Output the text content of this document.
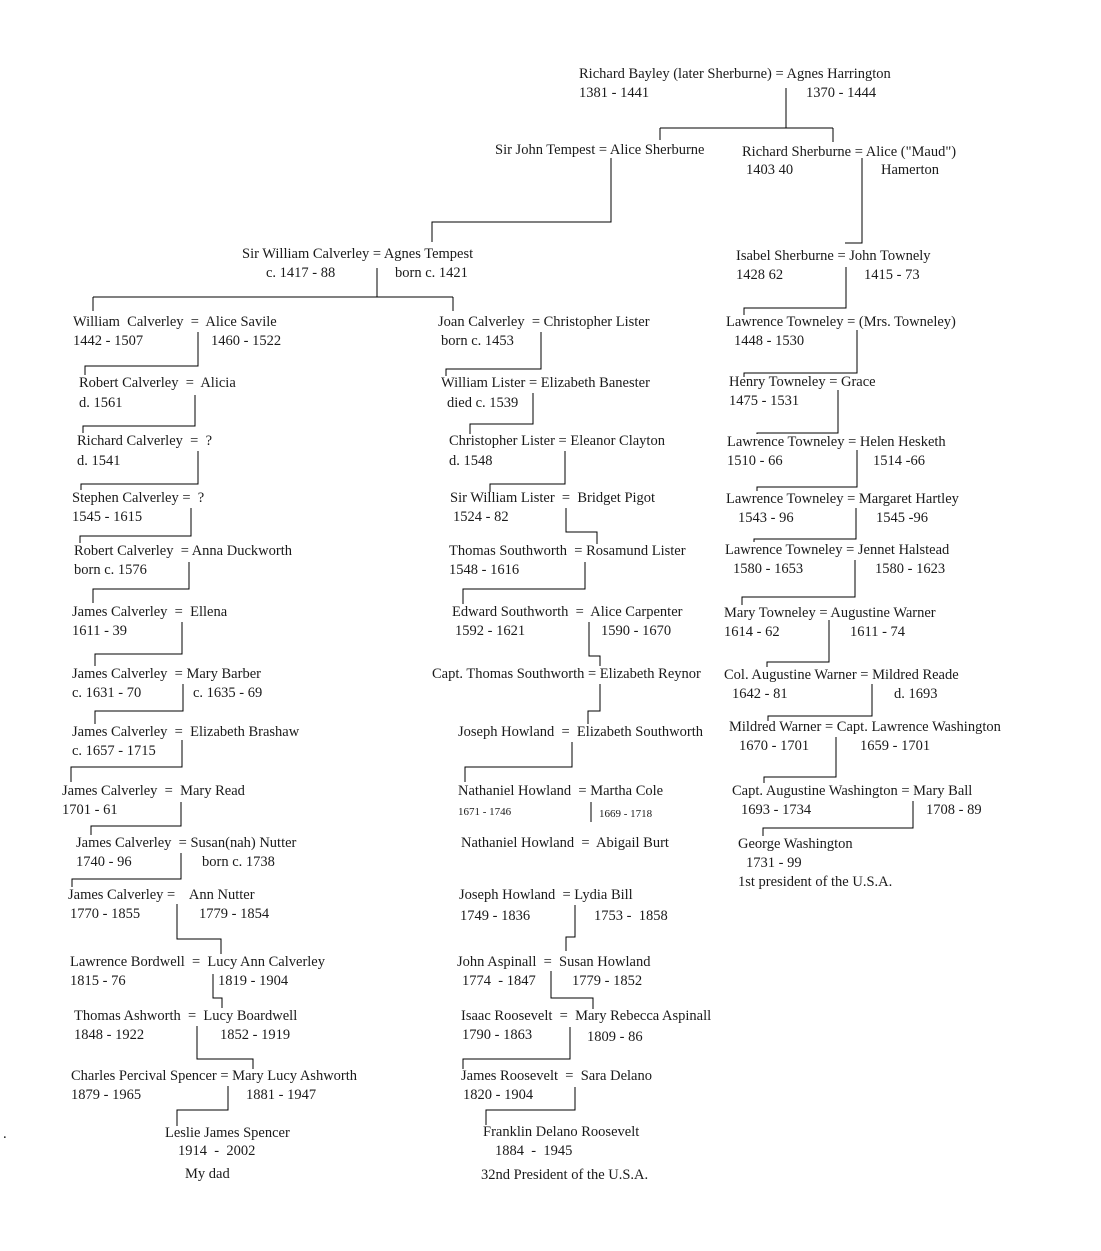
Richard Bayley (later Sherburne) = Agnes Harrington
1381 - 1441	1370 - 1444
Sir John Tempest = Alice Sherburne	Richard Sherburne = Alice ("Maud")
1403 40	Hamerton
Sir William Calverley = Agnes Tempest
c. 1417 - 88	born c. 1421
Isabel Sherburne = John Townely
1428 62	1415 - 73
William  Calverley  =  Alice Savile
1442 - 1507	1460 - 1522
Robert Calverley  =  Alicia
d. 1561
Richard Calverley  =  ?
d. 1541
Stephen Calverley =  ?
1545 - 1615
Robert Calverley  = Anna Duckworth
born c. 1576
James Calverley  =  Ellena
1611 - 39
James Calverley  = Mary Barber
c. 1631 - 70	c. 1635 - 69
James Calverley  =  Elizabeth Brashaw
c. 1657 - 1715
James Calverley  =  Mary Read
1701 - 61
James Calverley  = Susan(nah) Nutter
1740 - 96	born c. 1738
James Calverley =    Ann Nutter
1770 - 1855	1779 - 1854
Lawrence Bordwell  =  Lucy Ann Calverley
1815 - 76	1819 - 1904
Thomas Ashworth  =  Lucy Boardwell
1848 - 1922	1852 - 1919
Charles Percival Spencer = Mary Lucy Ashworth
1879 - 1965	1881 - 1947
Leslie James Spencer
1914  -  2002
My dad
Joan Calverley  = Christopher Lister
born c. 1453
William Lister = Elizabeth Banester
died c. 1539
Christopher Lister = Eleanor Clayton
d. 1548
Sir William Lister  =  Bridget Pigot
1524 - 82
Thomas Southworth  = Rosamund Lister
1548 - 1616
Edward Southworth  =  Alice Carpenter
1592 - 1621	1590 - 1670
Capt. Thomas Southworth = Elizabeth Reynor
Joseph Howland  =  Elizabeth Southworth
Nathaniel Howland  = Martha Cole
1671 - 1746	1669 - 1718
Nathaniel Howland  =  Abigail Burt
Joseph Howland  = Lydia Bill
1749 - 1836	1753 -  1858
John Aspinall  =  Susan Howland
1774  - 1847	1779 - 1852
Isaac Roosevelt  =  Mary Rebecca Aspinall
1790 - 1863	1809 - 86
James Roosevelt  =  Sara Delano
1820 - 1904
Franklin Delano Roosevelt
1884  -  1945
32nd President of the U.S.A.
Lawrence Towneley = (Mrs. Towneley)
1448 - 1530
Henry Towneley = Grace
1475 - 1531
Lawrence Towneley = Helen Hesketh
1510 - 66	1514 -66
Lawrence Towneley = Margaret Hartley
1543 - 96	1545 -96
Lawrence Towneley = Jennet Halstead
1580 - 1653	1580 - 1623
Mary Towneley = Augustine Warner
1614 - 62	1611 - 74
Col. Augustine Warner = Mildred Reade
1642 - 81	d. 1693
Mildred Warner = Capt. Lawrence Washington
1670 - 1701	1659 - 1701
Capt. Augustine Washington = Mary Ball
1693 - 1734	1708 - 89
George Washington
1731 - 99
1st president of the U.S.A.
.
